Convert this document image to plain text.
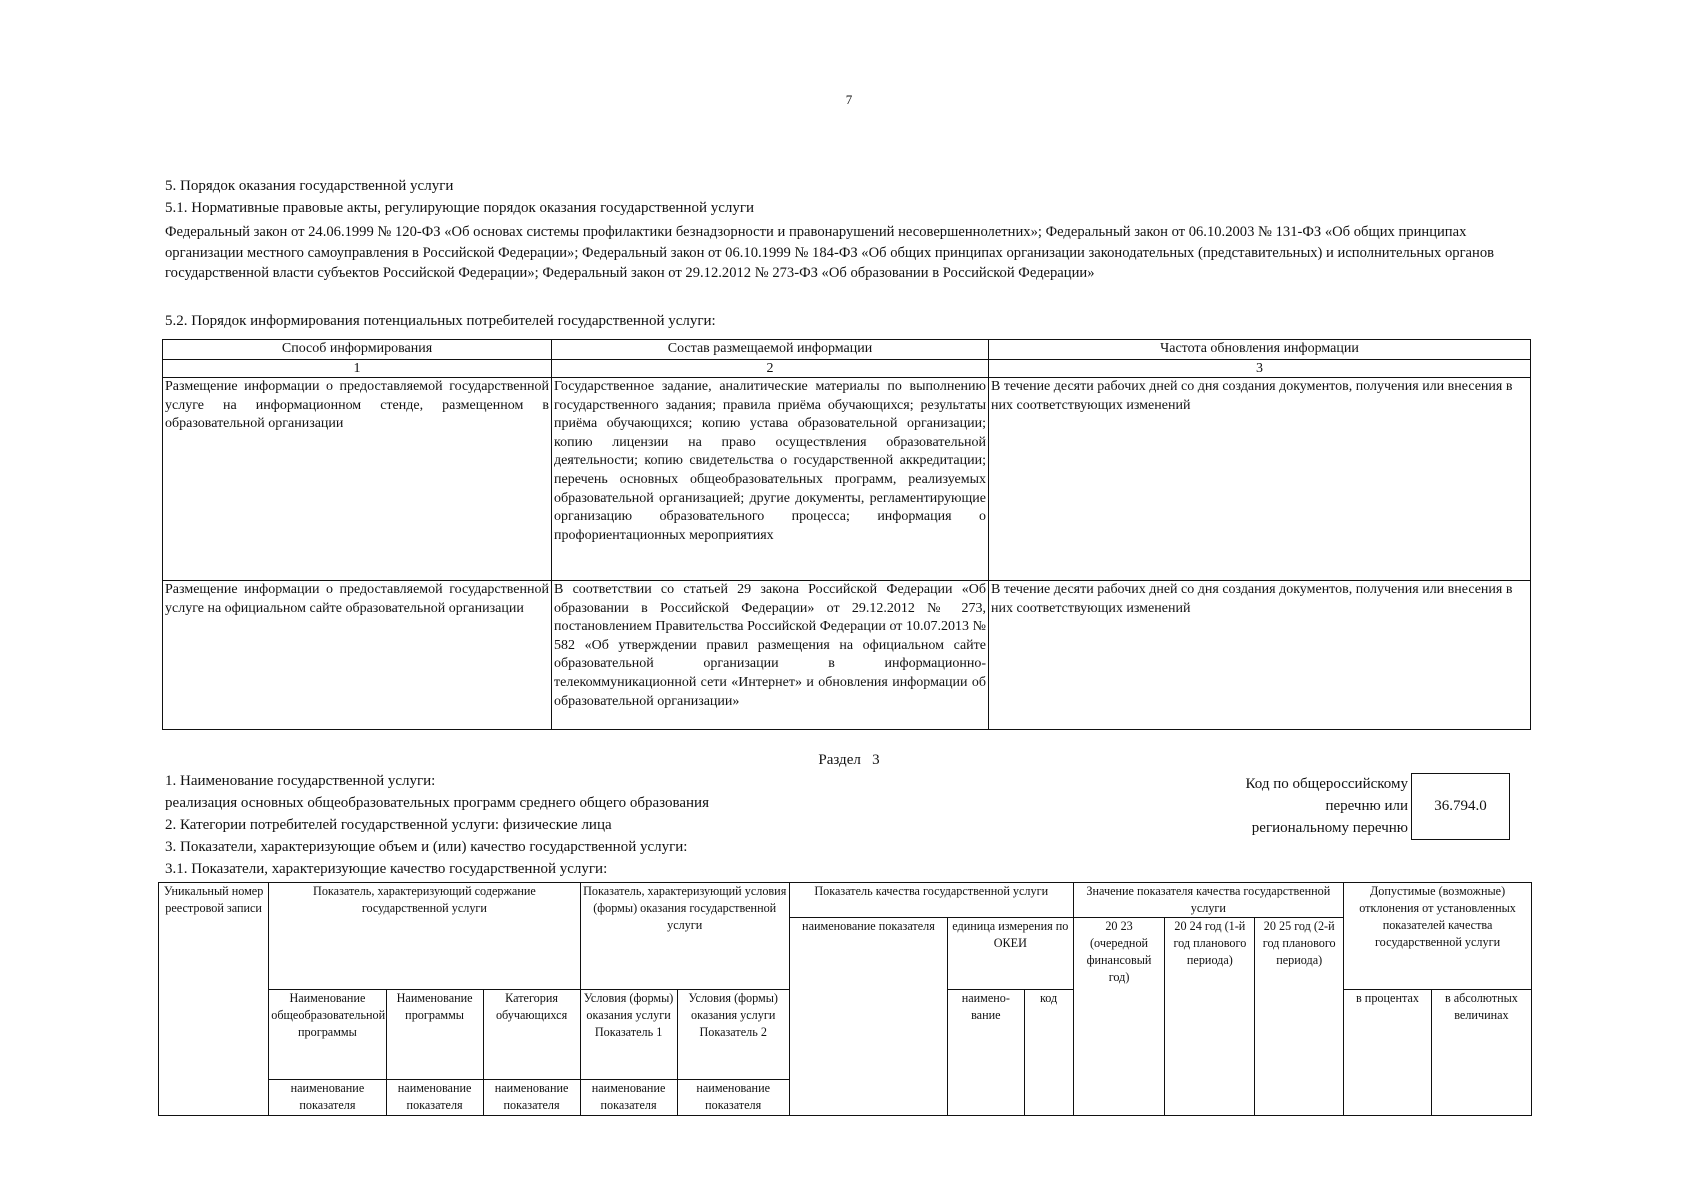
7
5. Порядок оказания государственной услуги
5.1. Нормативные правовые акты, регулирующие порядок оказания государственной услуги
Федеральный закон от 24.06.1999 № 120-ФЗ «Об основах системы профилактики безнадзорности и правонарушений несовершеннолетних»; Федеральный закон от 06.10.2003 № 131-ФЗ «Об общих принципах организации местного самоуправления в Российской Федерации»; Федеральный закон от 06.10.1999 № 184-ФЗ «Об общих принципах организации законодательных (представительных) и исполнительных органов государственной власти субъектов Российской Федерации»; Федеральный закон от 29.12.2012 № 273-ФЗ «Об образовании в Российской Федерации»
5.2. Порядок информирования потенциальных потребителей государственной услуги:
Способ информирования	Состав размещаемой информации	Частота обновления информации
1	2	3
Размещение информации о предоставляемой государственной услуге на информационном стенде, размещенном в образовательной организации	Государственное задание, аналитические материалы по выполнению государственного задания; правила приёма обучающихся; результаты приёма обучающихся; копию устава образовательной организации; копию лицензии на право осуществления образовательной деятельности; копию свидетельства о государственной аккредитации; перечень основных общеобразовательных программ, реализуемых образовательной организацией; другие документы, регламентирующие организацию образовательного процесса; информация о профориентационных мероприятиях	В течение десяти рабочих дней со дня создания документов, получения или внесения в них соответствующих изменений
Размещение информации о предоставляемой государственной услуге на официальном сайте образовательной организации	В соответствии со статьей 29 закона Российской Федерации «Об образовании в Российской Федерации» от 29.12.2012 № 273, постановлением Правительства Российской Федерации от 10.07.2013 № 582 «Об утверждении правил размещения на официальном сайте образовательной организации в информационно-телекоммуникационной сети «Интернет» и обновления информации об образовательной организации»	В течение десяти рабочих дней со дня создания документов, получения или внесения в них соответствующих изменений
Раздел   3
1. Наименование государственной услуги:
реализация основных общеобразовательных программ среднего общего образования
2. Категории потребителей государственной услуги: физические лица
3. Показатели, характеризующие объем и (или) качество государственной услуги:
3.1. Показатели, характеризующие качество государственной услуги:
Код по общероссийскому
перечню или
региональному перечню
36.794.0
Уникальный номер реестровой записи	Показатель, характеризующий содержание государственной услуги			Показатель, характеризующий условия (формы) оказания государственной услуги		Показатель качества государственной услуги			Значение показателя качества государственной услуги			Допустимые (возможные) отклонения от установленных показателей качества государственной услуги	
						наименование показателя	единица измерения по ОКЕИ		20 23 (очередной финансовый год)	20 24 год (1-й год планового периода)	20 25 год (2-й год планового периода)		
	Наименование общеобразовательной программы	Наименование программы	Категория обучающихся	Условия (формы) оказания услуги Показатель 1	Условия (формы) оказания услуги Показатель 2		наимено-вание	код				в процентах	в абсолютных величинах
	наименование показателя	наименование показателя	наименование показателя	наименование показателя	наименование показателя								
